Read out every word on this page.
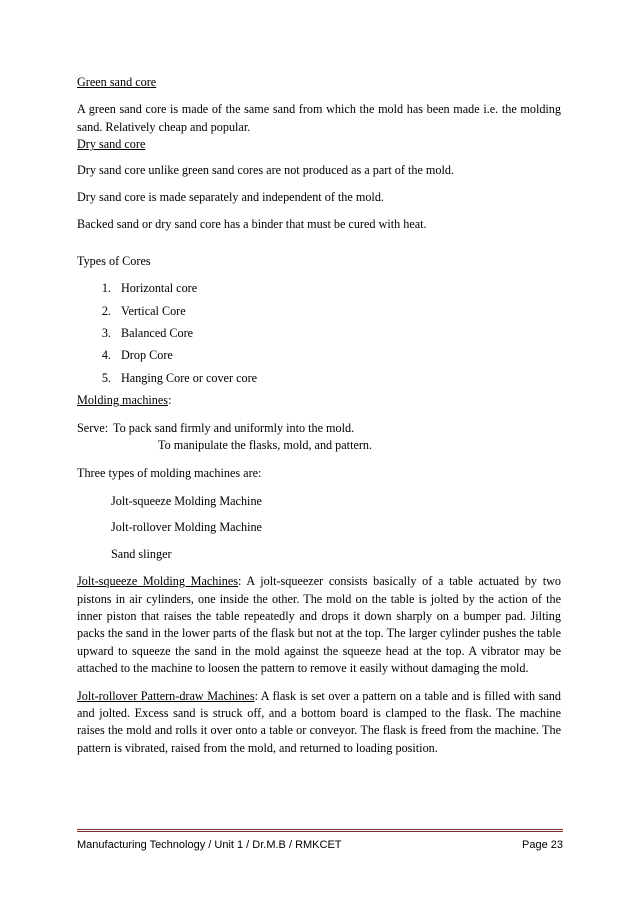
Green sand core

A green sand core is made of the same sand from which the mold has been made i.e. the molding sand. Relatively cheap and popular.

Dry sand core

Dry sand core unlike green sand cores are not produced as a part of the mold.

Dry sand core is made separately and independent of the mold.

Backed sand or dry sand core has a binder that must be cured with heat.

Types of Cores

1. Horizontal core
2. Vertical Core
3. Balanced Core
4. Drop Core
5. Hanging Core or cover core

Molding machines:

Serve: To pack sand firmly and uniformly into the mold.
To manipulate the flasks, mold, and pattern.

Three types of molding machines are:

Jolt-squeeze Molding Machine

Jolt-rollover Molding Machine

Sand slinger

Jolt-squeeze Molding Machines: A jolt-squeezer consists basically of a table actuated by two pistons in air cylinders, one inside the other. The mold on the table is jolted by the action of the inner piston that raises the table repeatedly and drops it down sharply on a bumper pad. Jilting packs the sand in the lower parts of the flask but not at the top. The larger cylinder pushes the table upward to squeeze the sand in the mold against the squeeze head at the top. A vibrator may be attached to the machine to loosen the pattern to remove it easily without damaging the mold.

Jolt-rollover Pattern-draw Machines: A flask is set over a pattern on a table and is filled with sand and jolted. Excess sand is struck off, and a bottom board is clamped to the flask. The machine raises the mold and rolls it over onto a table or conveyor. The flask is freed from the machine. The pattern is vibrated, raised from the mold, and returned to loading position.

Manufacturing Technology / Unit 1 / Dr.M.B / RMKCET	Page 23
